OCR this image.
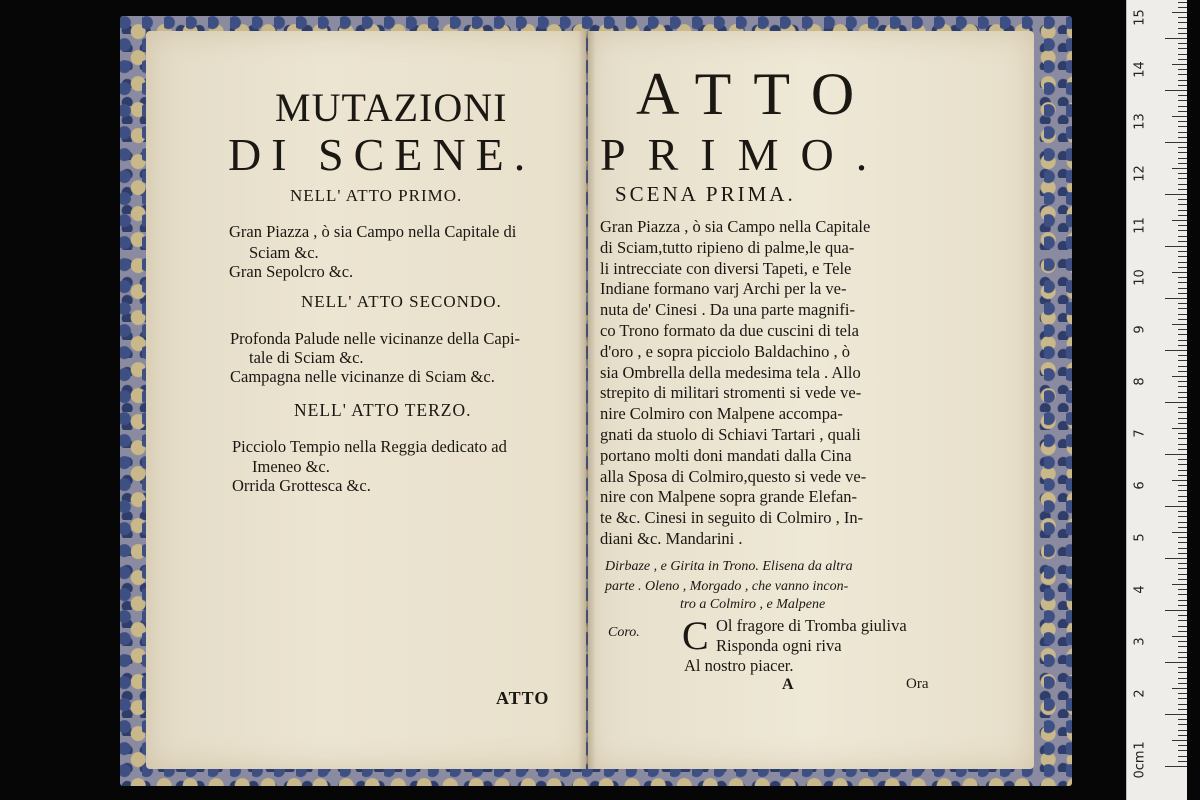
MUTAZIONI
DI SCENE.
NELL' ATTO PRIMO.
Gran Piazza , ò sia Campo nella Capitale di
Sciam &c.
Gran Sepolcro &c.
NELL' ATTO SECONDO.
Profonda Palude nelle vicinanze della Capi-
tale di Sciam &c.
Campagna nelle vicinanze di Sciam &c.
NELL' ATTO TERZO.
Picciolo Tempio nella Reggia dedicato ad
Imeneo &c.
Orrida Grottesca &c.
ATTO
ATTO
PRIMO.
SCENA PRIMA.
Gran Piazza , ò sia Campo nella Capitale
di Sciam,tutto ripieno di palme,le qua-
li intrecciate con diversi Tapeti, e Tele
Indiane formano varj Archi per la ve-
nuta de' Cinesi . Da una parte magnifi-
co Trono formato da due cuscini di tela
d'oro , e sopra picciolo Baldachino , ò
sia Ombrella della medesima tela . Allo
strepito di militari stromenti si vede ve-
nire Colmiro con Malpene accompa-
gnati da stuolo di Schiavi Tartari , quali
portano molti doni mandati dalla Cina
alla Sposa di Colmiro,questo si vede ve-
nire con Malpene sopra grande Elefan-
te &c. Cinesi in seguito di Colmiro , In-
diani &c. Mandarini .
Dirbaze , e Girita in Trono. Elisena da altra
parte . Oleno , Morgado , che vanno incon-
tro a Colmiro , e Malpene
Coro. C Ol fragore di Tromba giuliva
Risponda ogni riva
Al nostro piacer.
A	Ora
0cm
1
2
3
4
5
6
7
8
9
10
11
12
13
14
15
